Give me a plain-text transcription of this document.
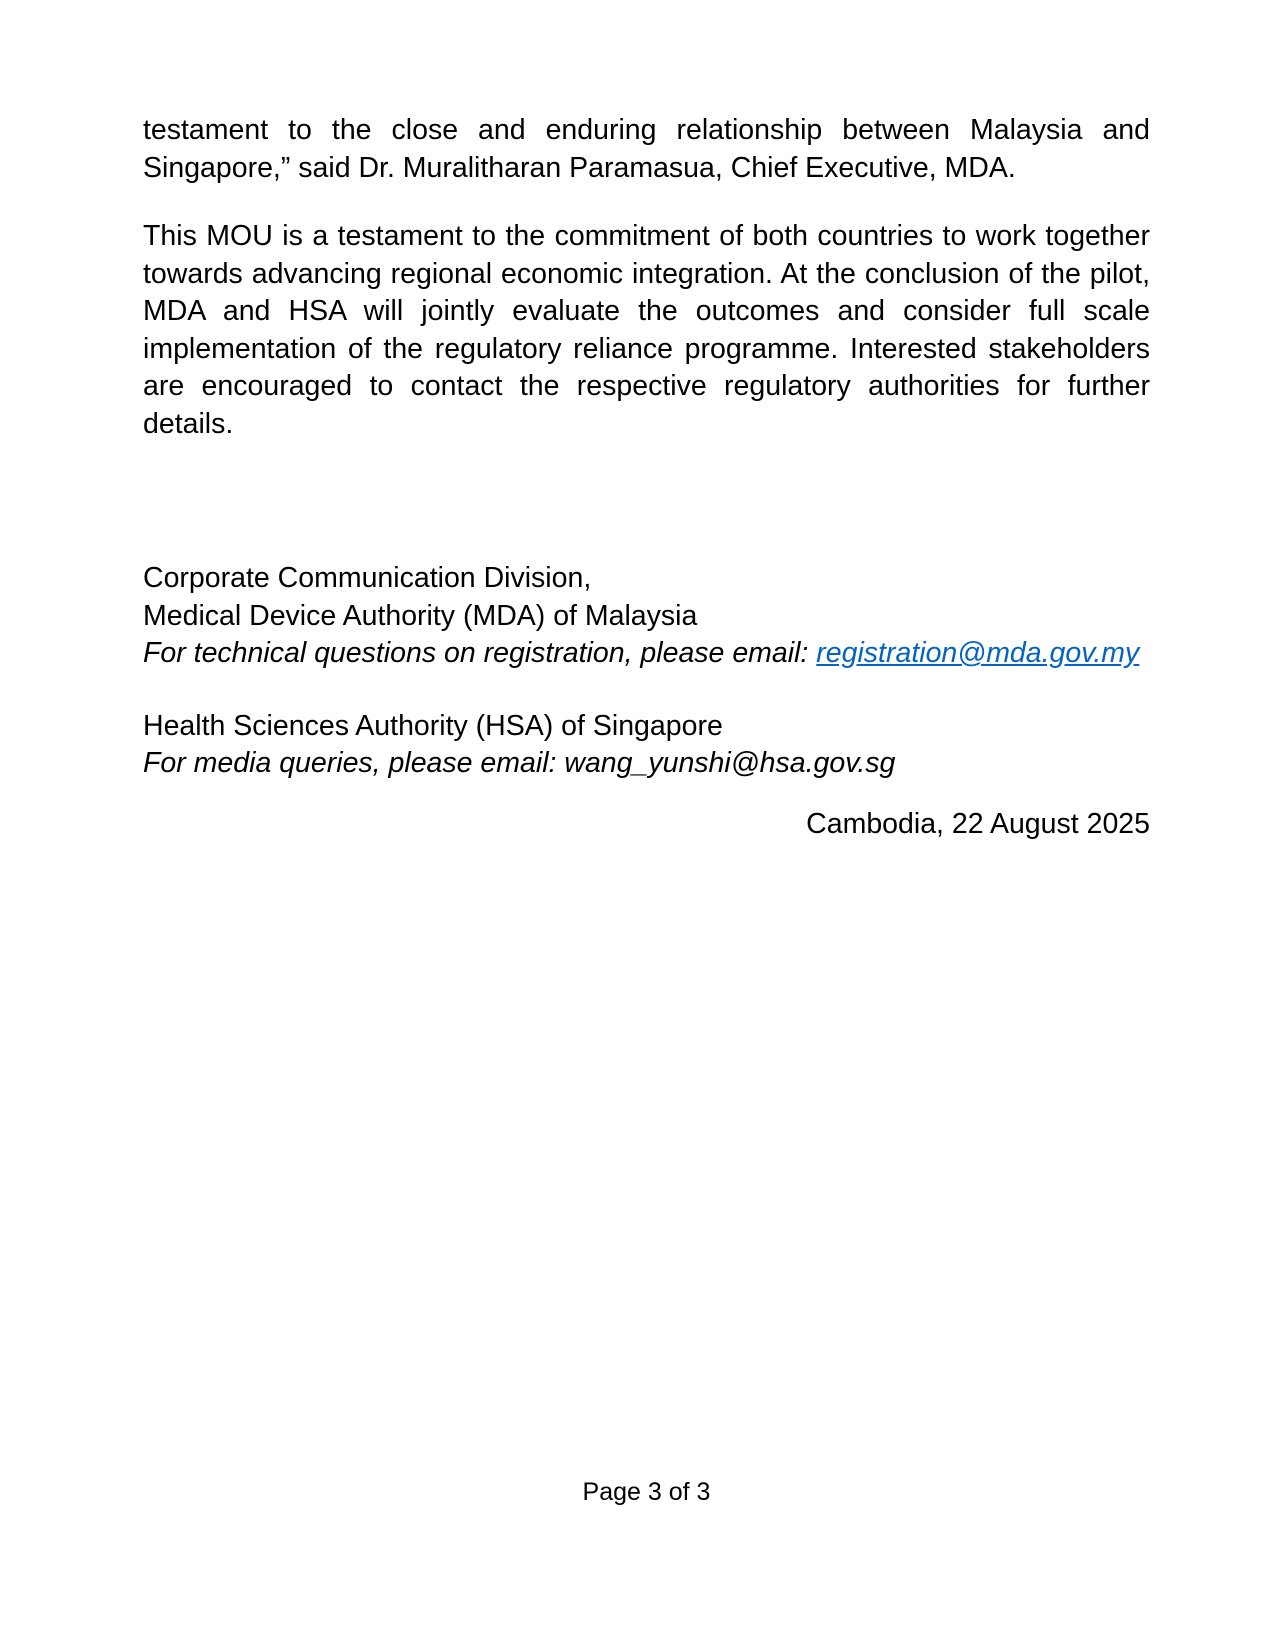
testament to the close and enduring relationship between Malaysia and
Singapore,” said Dr. Muralitharan Paramasua, Chief Executive, MDA.
This MOU is a testament to the commitment of both countries to work together
towards advancing regional economic integration. At the conclusion of the pilot,
MDA and HSA will jointly evaluate the outcomes and consider full scale
implementation of the regulatory reliance programme. Interested stakeholders
are encouraged to contact the respective regulatory authorities for further
details.
Corporate Communication Division,
Medical Device Authority (MDA) of Malaysia
For technical questions on registration, please email: registration@mda.gov.my
Health Sciences Authority (HSA) of Singapore
For media queries, please email: wang_yunshi@hsa.gov.sg
Cambodia, 22 August 2025
Page 3 of 3
